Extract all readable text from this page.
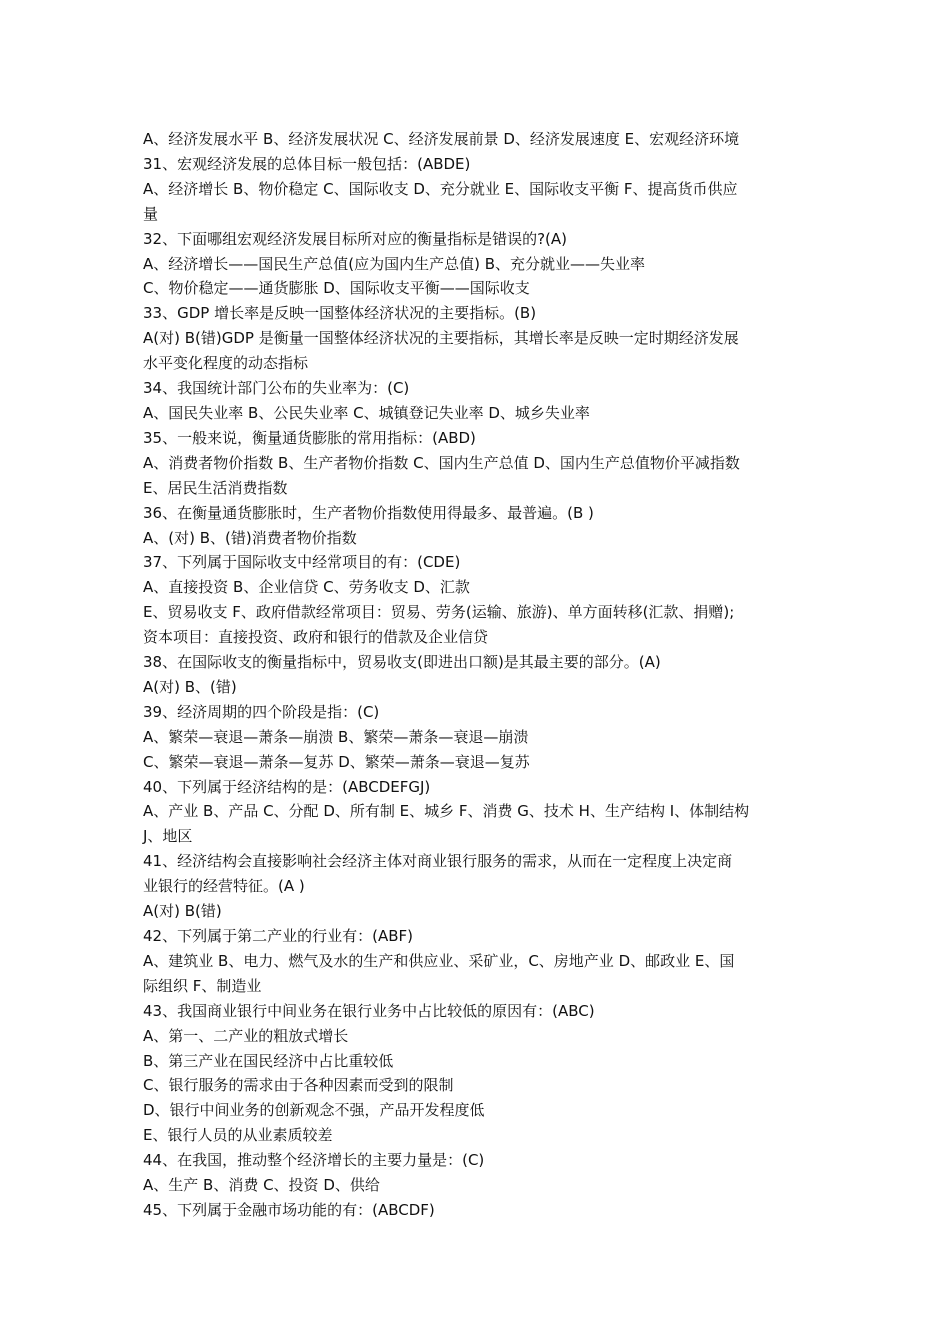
A、经济发展水平 B、经济发展状况 C、经济发展前景 D、经济发展速度 E、宏观经济环境

31、宏观经济发展的总体目标一般包括：(ABDE)

A、经济增长 B、物价稳定 C、国际收支 D、充分就业 E、国际收支平衡 F、提高货币供应

量

32、下面哪组宏观经济发展目标所对应的衡量指标是错误的?(A)

A、经济增长——国民生产总值(应为国内生产总值) B、充分就业——失业率

C、物价稳定——通货膨胀 D、国际收支平衡——国际收支

33、GDP 增长率是反映一国整体经济状况的主要指标。(B)

A(对) B(错)GDP 是衡量一国整体经济状况的主要指标，其增长率是反映一定时期经济发展

水平变化程度的动态指标

34、我国统计部门公布的失业率为：(C)

A、国民失业率 B、公民失业率 C、城镇登记失业率 D、城乡失业率

35、一般来说，衡量通货膨胀的常用指标：(ABD)

A、消费者物价指数 B、生产者物价指数 C、国内生产总值 D、国内生产总值物价平减指数

E、居民生活消费指数

36、在衡量通货膨胀时，生产者物价指数使用得最多、最普遍。(B )

A、(对) B、(错)消费者物价指数

37、下列属于国际收支中经常项目的有：(CDE)

A、直接投资 B、企业信贷 C、劳务收支 D、汇款

E、贸易收支 F、政府借款经常项目：贸易、劳务(运输、旅游)、单方面转移(汇款、捐赠);

资本项目：直接投资、政府和银行的借款及企业信贷

38、在国际收支的衡量指标中，贸易收支(即进出口额)是其最主要的部分。(A)

A(对) B、(错)

39、经济周期的四个阶段是指：(C)

A、繁荣—衰退—萧条—崩溃 B、繁荣—萧条—衰退—崩溃

C、繁荣—衰退—萧条—复苏 D、繁荣—萧条—衰退—复苏

40、下列属于经济结构的是：(ABCDEFGJ)

A、产业 B、产品 C、分配 D、所有制 E、城乡 F、消费 G、技术 H、生产结构 I、体制结构

J、地区

41、经济结构会直接影响社会经济主体对商业银行服务的需求，从而在一定程度上决定商

业银行的经营特征。(A )

A(对) B(错)

42、下列属于第二产业的行业有：(ABF)

A、建筑业 B、电力、燃气及水的生产和供应业、采矿业，C、房地产业 D、邮政业 E、国

际组织 F、制造业

43、我国商业银行中间业务在银行业务中占比较低的原因有：(ABC)

A、第一、二产业的粗放式增长

B、第三产业在国民经济中占比重较低

C、银行服务的需求由于各种因素而受到的限制

D、银行中间业务的创新观念不强，产品开发程度低

E、银行人员的从业素质较差

44、在我国，推动整个经济增长的主要力量是：(C)

A、生产 B、消费 C、投资 D、供给

45、下列属于金融市场功能的有：(ABCDF)
